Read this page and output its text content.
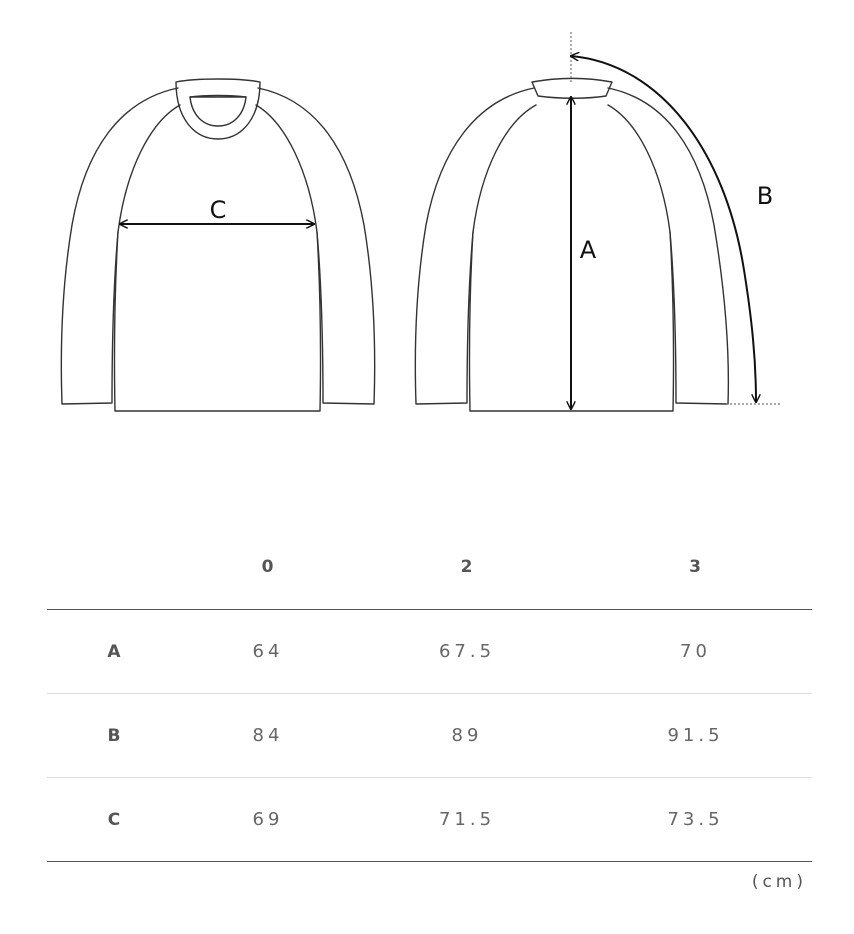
C
A
B
	0	2	3
A	64	67.5	70
B	84	89	91.5
C	69	71.5	73.5
(cm)
